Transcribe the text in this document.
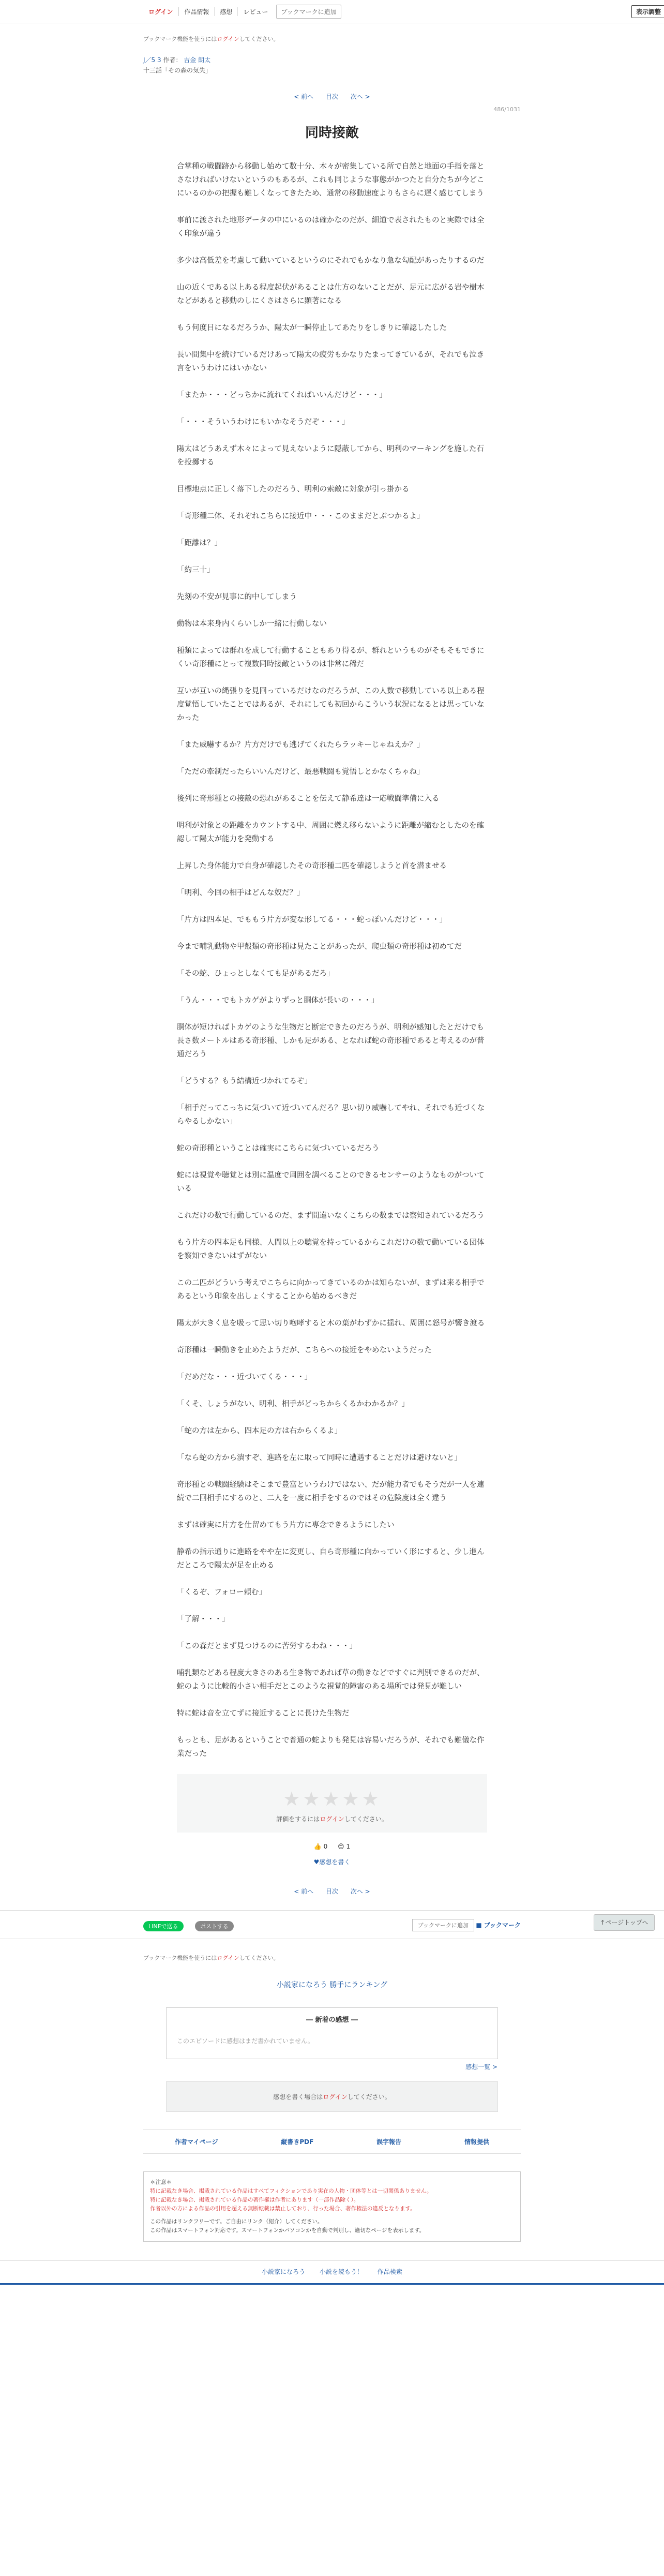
ログイン	作品情報	感想	レビュー	ブックマークに追加	表示調整
ブックマーク機能を使うにはログインしてください。
J／5 3 作者： 吉金 朗太
十三話「その森の気失」
< 前へ 目次 次へ >
486/1031
同時接敵

合掌種の戦闘跡から移動し始めて数十分、木々が密集している所で自然と地面の手指を落とさなければいけないというのもあるが、これも同じような事態がかつたと自分たちが今どこにいるのかの把握も難しくなってきたため、通常の移動速度よりもさらに遅く感じてしまう

事前に渡された地形データの中にいるのは確かなのだが、細道で表されたものと実際では全く印象が違う

多少は高低差を考慮して動いているというのにそれでもかなり急な勾配があったりするのだ

山の近くである以上ある程度起伏があることは仕方のないことだが、足元に広がる岩や樹木などがあると移動のしにくさはさらに顕著になる

もう何度目になるだろうか、陽太が一瞬停止してあたりをしきりに確認したした

長い間集中を続けているだけあって陽太の疲労もかなりたまってきているが、それでも泣き言をいうわけにはいかない

「またか・・・どっちかに流れてくればいいんだけど・・・」

「・・・そういうわけにもいかなそうだぞ・・・」

陽太はどうあえず木々によって見えないように隠蔽してから、明利のマーキングを施した石を投擲する

目標地点に正しく落下したのだろう、明利の索敵に対象が引っ掛かる

「奇形種二体、それぞれこちらに接近中・・・このままだとぶつかるよ」

「距離は？」

「約三十」

先刻の不安が見事に的中してしまう

動物は本来身内くらいしか一緒に行動しない

種類によっては群れを成して行動することもあり得るが、群れというものがそもそもできにくい奇形種にとって複数同時接敵というのは非常に稀だ

互いが互いの縄張りを見回っているだけなのだろうが、この人数で移動している以上ある程度覚悟していたことではあるが、それにしても初回からこういう状況になるとは思っていなかった

「また威嚇するか？片方だけでも逃げてくれたらラッキーじゃねえか？」

「ただの牽制だったらいいんだけど、最悪戦闘も覚悟しとかなくちゃね」

後列に奇形種との接敵の恐れがあることを伝えて静希達は一応戦闘準備に入る

明利が対象との距離をカウントする中、周囲に燃え移らないように距離が縮むとしたのを確認して陽太が能力を発動する

上昇した身体能力で自身が確認したその奇形種二匹を確認しようと首を潜ませる

「明利、今回の相手はどんな奴だ？」

「片方は四本足、でももう片方が変な形してる・・・蛇っぽいんだけど・・・」

今まで哺乳動物や甲殻類の奇形種は見たことがあったが、爬虫類の奇形種は初めてだ

「その蛇、ひょっとしなくても足があるだろ」

「うん・・・でもトカゲがよりずっと胴体が長いの・・・」

胴体が短ければトカゲのような生物だと断定できたのだろうが、明利が感知したとだけでも長さ数メートルはある奇形種、しかも足がある、となれば蛇の奇形種であると考えるのが普通だろう

「どうする？もう結構近づかれてるぞ」

「相手だってこっちに気づいて近づいてんだろ？思い切り威嚇してやれ、それでも近づくならやるしかない」

蛇の奇形種ということは確実にこちらに気づいているだろう

蛇には視覚や聴覚とは別に温度で周囲を調べることのできるセンサーのようなものがついている

これだけの数で行動しているのだ、まず間違いなくこちらの数までは察知されているだろう

もう片方の四本足も同様、人間以上の聴覚を持っているからこれだけの数で動いている団体を察知できないはずがない

この二匹がどういう考えでこちらに向かってきているのかは知らないが、まずは来る相手であるという印象を出しょくすることから始めるべきだ

陽太が大きく息を吸って思い切り咆哮すると木の葉がわずかに揺れ、周囲に怒号が響き渡る

奇形種は一瞬動きを止めたようだが、こちらへの接近をやめないようだった

「だめだな・・・近づいてくる・・・」

「くそ、しょうがない、明利、相手がどっちからくるかわかるか？」

「蛇の方は左から、四本足の方は右からくるよ」

「なら蛇の方から潰すぞ、進路を左に取って同時に遭遇することだけは避けないと」

奇形種との戦闘経験はそこまで豊富というわけではない、だが能力者でもそうだが一人を連続で二回相手にするのと、二人を一度に相手をするのではその危険度は全く違う

まずは確実に片方を仕留めてもう片方に専念できるようにしたい

静希の指示通りに進路をやや左に変更し、自ら奇形種に向かっていく形にすると、少し進んだところで陽太が足を止める

「くるぞ、フォロー頼む」

「了解・・・」

「この森だとまず見つけるのに苦労するわね・・・」

哺乳類などある程度大きさのある生き物であれば草の動きなどですぐに判別できるのだが、蛇のように比較的小さい相手だとこのような視覚的障害のある場所では発見が難しい

特に蛇は音を立てずに接近することに長けた生物だ

もっとも、足があるということで普通の蛇よりも発見は容易いだろうが、それでも難儀な作業だった

↑ページトップへ
★★★★★
評価をするにはログインしてください。
👍 0 😊 1
♥感想を書く
< 前へ 目次 次へ >
LINEで送る	ポストする	ブックマークに追加	■ ブックマーク
ブックマーク機能を使うにはログインしてください。
小説家になろう 勝手にランキング
― 新着の感想 ―
このエピソードに感想はまだ書かれていません。
感想一覧 >
感想を書く場合はログインしてください。
作者マイページ	縦書きPDF	誤字報告	情報提供
＊注意＊
特に記載なき場合、掲載されている作品はすべてフィクションであり実在の人物・団体等とは一切関係ありません。
特に記載なき場合、掲載されている作品の著作権は作者にあります（一部作品除く）。
作者以外の方による作品の引用を超える無断転載は禁止しており、行った場合、著作権法の違反となります。
この作品はリンクフリーです。ご自由にリンク（紹介）してください。
この作品はスマートフォン対応です。スマートフォンかパソコンかを自動で判別し、適切なページを表示します。
小説家になろう 小説を読もう！ 作品検索
